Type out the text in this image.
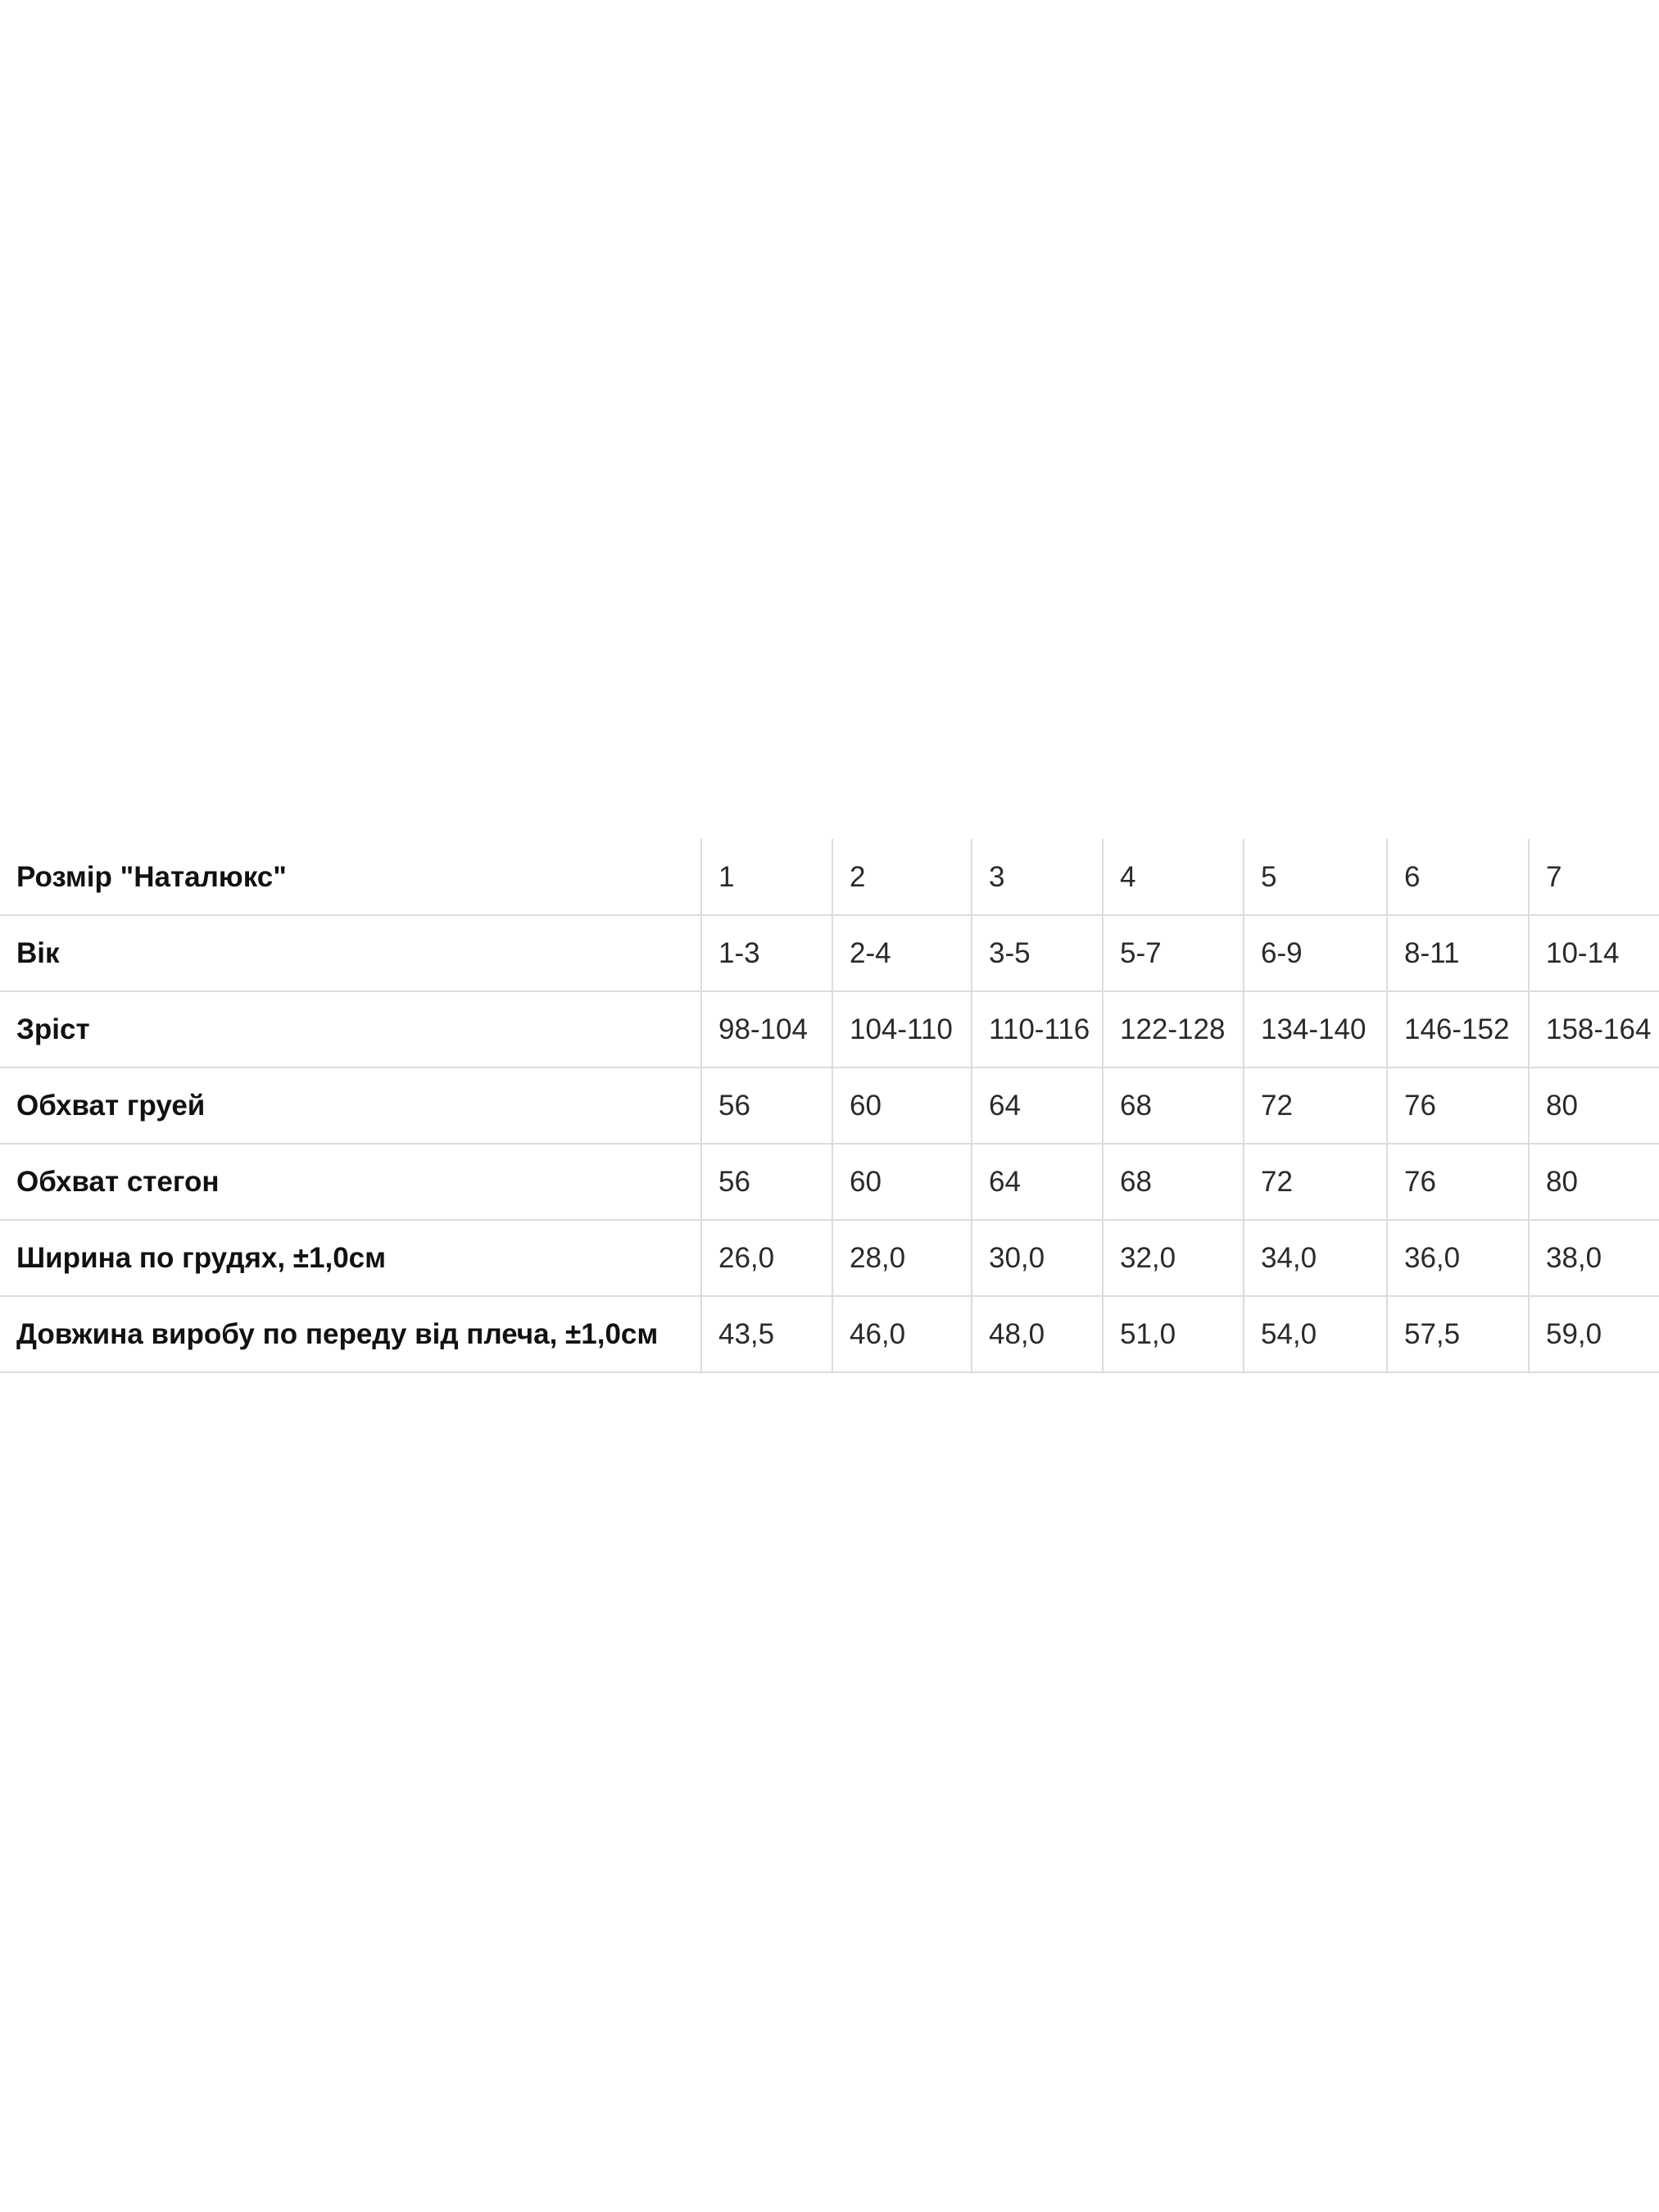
Розмір "Наталюкс"	1	2	3	4	5	6	7
Вік	1-3	2-4	3-5	5-7	6-9	8-11	10-14
Зріст	98-104	104-110	110-116	122-128	134-140	146-152	158-164
Обхват груей	56	60	64	68	72	76	80
Обхват стегон	56	60	64	68	72	76	80
Ширина по грудях, ±1,0см	26,0	28,0	30,0	32,0	34,0	36,0	38,0
Довжина виробу по переду від плеча, ±1,0см	43,5	46,0	48,0	51,0	54,0	57,5	59,0
